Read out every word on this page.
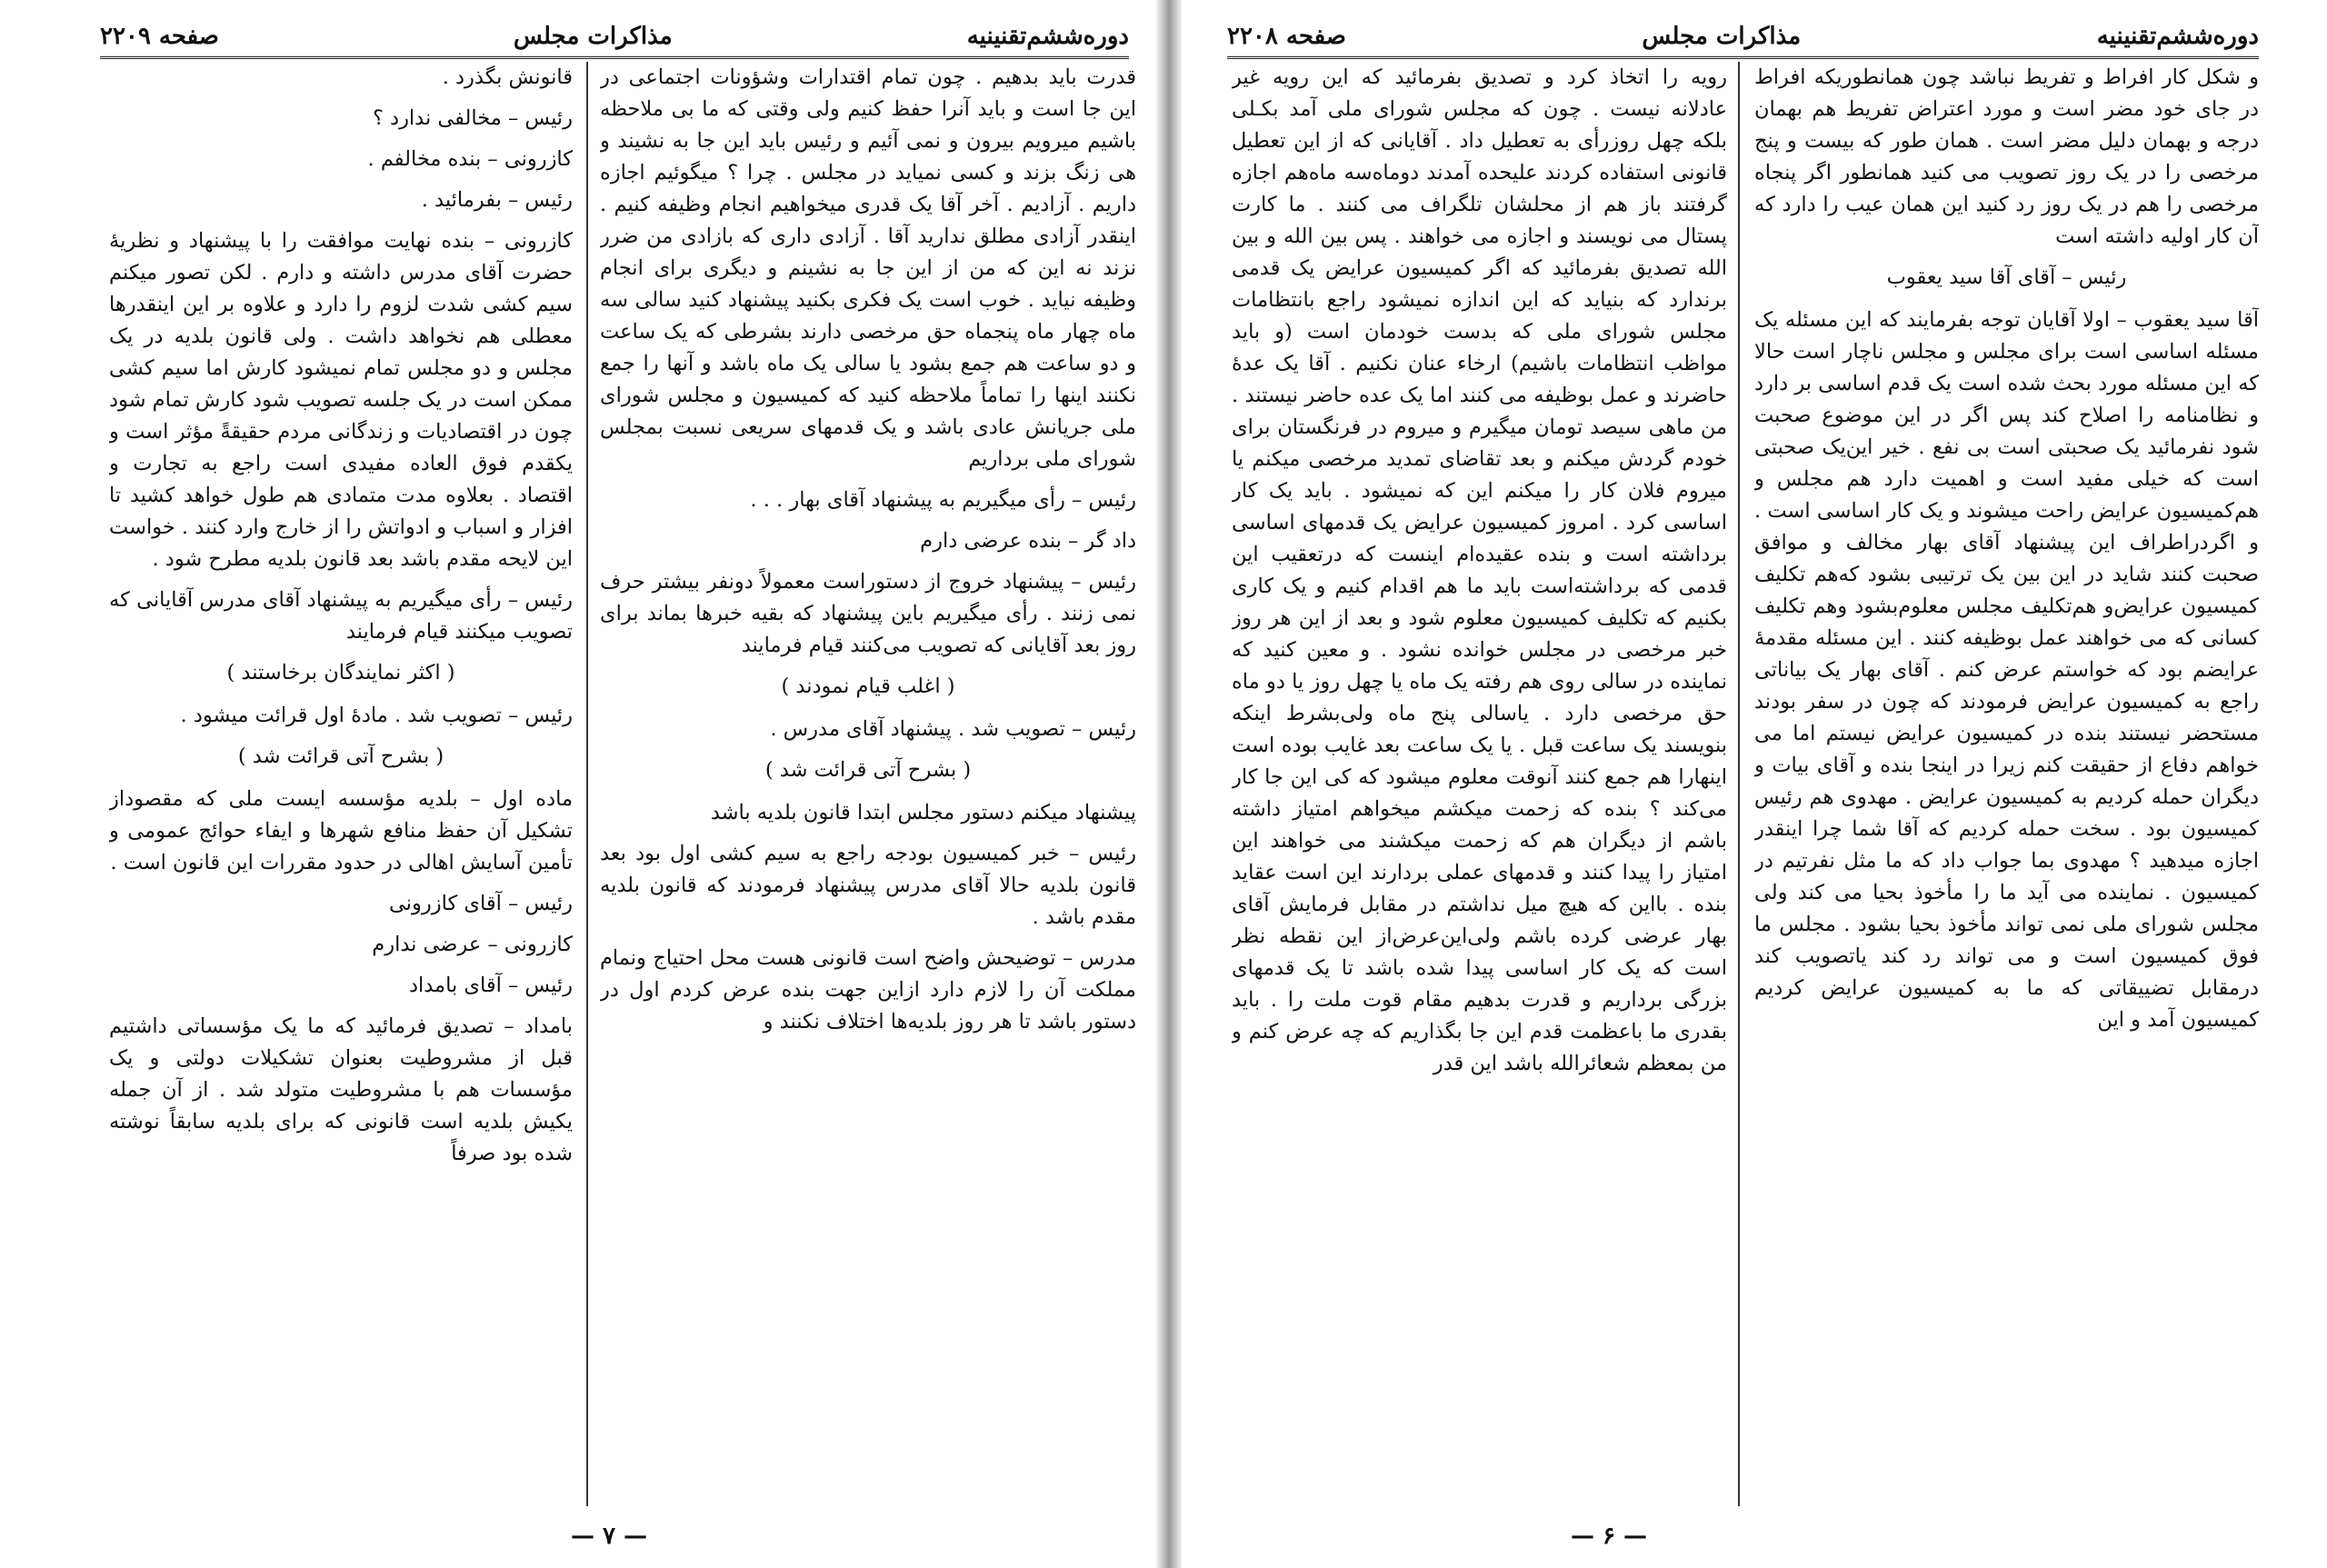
دوره‌ششم‌تقنینیه
مذاکرات مجلس
صفحه ۲۲۰۹

قدرت باید بدهیم . چون تمام اقتدارات وشؤونات اجتماعی در این جا است و باید آنرا حفظ کنیم ولی وقتی که ما بی ملاحظه باشیم میرویم بیرون و نمی آئیم و رئیس باید این جا به نشیند و هی زنگ بزند و کسی نمیاید در مجلس . چرا ؟ میگوئیم اجازه داریم . آزادیم . آخر آقا یک قدری میخواهیم انجام وظیفه کنیم . اینقدر آزادی مطلق ندارید آقا . آزادی داری که بازادی من ضرر نزند نه این که من از این جا به نشینم و دیگری برای انجام وظیفه نیاید . خوب است یک فکری بکنید پیشنهاد کنید سالی سه ماه چهار ماه پنجماه حق مرخصی دارند بشرطی که یک ساعت و دو ساعت هم جمع بشود یا سالی یک ماه باشد و آنها را جمع نکنند اینها را تماماً ملاحظه کنید که کمیسیون و مجلس شورای ملی جریانش عادی باشد و یک قدمهای سریعی نسبت بمجلس شورای ملی برداریم

رئیس – رأی میگیریم به پیشنهاد آقای بهار . . .

داد گر – بنده عرضی دارم

رئیس – پیشنهاد خروج از دستوراست معمولاً دونفر بیشتر حرف نمی زنند . رأی میگیریم باین پیشنهاد که بقیه خبرها بماند برای روز بعد آقایانی که تصویب می‌کنند قیام فرمایند

( اغلب قیام نمودند )

رئیس – تصویب شد . پیشنهاد آقای مدرس .

( بشرح آتی قرائت شد )

پیشنهاد میکنم دستور مجلس ابتدا قانون بلدیه باشد

رئیس – خبر کمیسیون بودجه راجع به سیم کشی اول بود بعد قانون بلدیه حالا آقای مدرس پیشنهاد فرمودند که قانون بلدیه مقدم باشد .

مدرس – توضیحش واضح است قانونی هست محل احتیاج ونمام مملکت آن را لازم دارد ازاین جهت بنده عرض کردم اول در دستور باشد تا هر روز بلدیه‌ها اختلاف نکنند و

قانونش بگذرد .

رئیس – مخالفی ندارد ؟

کازرونی – بنده مخالفم .

رئیس – بفرمائید .

کازرونی – بنده نهایت موافقت را با پیشنهاد و نظریهٔ حضرت آقای مدرس داشته و دارم . لکن تصور میکنم سیم کشی شدت لزوم را دارد و علاوه بر این اینقدرها معطلی هم نخواهد داشت . ولی قانون بلدیه در یک مجلس و دو مجلس تمام نمیشود کارش اما سیم کشی ممکن است در یک جلسه تصویب شود کارش تمام شود چون در اقتصادیات و زندگانی مردم حقیقةً مؤثر است و یکقدم فوق العاده مفیدی است راجع به تجارت و اقتصاد . بعلاوه مدت متمادی هم طول خواهد کشید تا افزار و اسباب و ادواتش را از خارج وارد کنند . خواست این لایحه مقدم باشد بعد قانون بلدیه مطرح شود .

رئیس – رأی میگیریم به پیشنهاد آقای مدرس آقایانی که تصویب میکنند قیام فرمایند

( اکثر نمایندگان برخاستند )

رئیس – تصویب شد . مادهٔ اول قرائت میشود .

( بشرح آتی قرائت شد )

ماده اول – بلدیه مؤسسه ایست ملی که مقصوداز تشکیل آن حفظ منافع شهرها و ایفاء حوائج عمومی و تأمین آسایش اهالی در حدود مقررات این قانون است .

رئیس – آقای کازرونی

کازرونی – عرضی ندارم

رئیس – آقای بامداد

بامداد – تصدیق فرمائید که ما یک مؤسساتی داشتیم قبل از مشروطیت بعنوان تشکیلات دولتی و یک مؤسسات هم با مشروطیت متولد شد . از آن جمله یکیش بلدیه است قانونی که برای بلدیه سابقاً نوشته شده بود صرفاً

— ۷ —
دوره‌ششم‌تقنینیه
مذاکرات مجلس
صفحه ۲۲۰۸

و شکل کار افراط و تفریط نباشد چون همانطوریکه افراط در جای خود مضر است و مورد اعتراض تفریط هم بهمان درجه و بهمان دلیل مضر است . همان طور که بیست و پنج مرخصی را در یک روز تصویب می کنید همانطور اگر پنجاه مرخصی را هم در یک روز رد کنید این همان عیب را دارد که آن کار اولیه داشته است

رئیس – آقای آقا سید یعقوب

آقا سید یعقوب – اولا آقایان توجه بفرمایند که این مسئله یک مسئله اساسی است برای مجلس و مجلس ناچار است حالا که این مسئله مورد بحث شده است یک قدم اساسی بر دارد و نظامنامه را اصلاح کند پس اگر در این موضوع صحبت شود نفرمائید یک صحبتی است بی نفع . خیر این‌یک صحبتی است که خیلی مفید است و اهمیت دارد هم مجلس و هم‌کمیسیون عرایض راحت میشوند و یک کار اساسی است . و اگردراطراف این پیشنهاد آقای بهار مخالف و موافق صحبت کنند شاید در این بین یک ترتیبی بشود که‌هم تکلیف کمیسیون عرایض‌و هم‌تکلیف مجلس معلوم‌بشود وهم تکلیف کسانی که می خواهند عمل بوظیفه کنند . این مسئله مقدمهٔ عرایضم بود که خواستم عرض کنم . آقای بهار یک بیاناتی راجع به کمیسیون عرایض فرمودند که چون در سفر بودند مستحضر نیستند بنده در کمیسیون عرایض نیستم اما می خواهم دفاع از حقیقت کنم زیرا در اینجا بنده و آقای بیات و دیگران حمله کردیم به کمیسیون عرایض . مهدوی هم رئیس کمیسیون بود . سخت حمله کردیم که آقا شما چرا اینقدر اجازه میدهید ؟ مهدوی بما جواب داد که ما مثل نفرتیم در کمیسیون . نماینده می آید ما را مأخوذ بحیا می کند ولی مجلس شورای ملی نمی تواند مأخوذ بحیا بشود . مجلس ما فوق کمیسیون است و می تواند رد کند یاتصویب کند درمقابل تضییقاتی که ما به کمیسیون عرایض کردیم کمیسیون آمد و این

رویه را اتخاذ کرد و تصدیق بفرمائید که این رویه غیر عادلانه نیست . چون که مجلس شورای ملی آمد بکـلی بلکه چهل روزرأی به تعطیل داد . آقایانی که از این تعطیل قانونی استفاده کردند علیحده آمدند دوماه‌سه ماه‌هم اجازه گرفتند باز هم از محلشان تلگراف می کنند . ما کارت پستال می نویسند و اجازه می خواهند . پس بین الله و بین الله تصدیق بفرمائید که اگر کمیسیون عرایض یک قدمی برندارد که بنیاید که این اندازه نمیشود راجع بانتظامات مجلس شورای ملی که بدست خودمان است (و باید مواظب انتظامات باشیم) ارخاء عنان نکنیم . آقا یک عدهٔ حاضرند و عمل بوظیفه می کنند اما یک عده حاضر نیستند . من ماهی سیصد تومان میگیرم و میروم در فرنگستان برای خودم گردش میکنم و بعد تقاضای تمدید مرخصی میکنم یا میروم فلان کار را میکنم این که نمیشود . باید یک کار اساسی کرد . امروز کمیسیون عرایض یک قدمهای اساسی برداشته است و بنده عقیده‌ام اینست که درتعقیب این قدمی که برداشته‌است باید ما هم اقدام کنیم و یک کاری بکنیم که تکلیف کمیسیون معلوم شود و بعد از این هر روز خبر مرخصی در مجلس خوانده نشود . و معین کنید که نماینده در سالی روی هم رفته یک ماه یا چهل روز یا دو ماه حق مرخصی دارد . یاسالی پنج ماه ولی‌بشرط اینکه بنویسند یک ساعت قبل . یا یک ساعت بعد غایب بوده است اینهارا هم جمع کنند آنوقت معلوم میشود که کی این جا کار می‌کند ؟ بنده که زحمت میکشم میخواهم امتیاز داشته باشم از دیگران هم که زحمت میکشند می خواهند این امتیاز را پیدا کنند و قدمهای عملی بردارند این است عقاید بنده . بااین که هیچ میل نداشتم در مقابل فرمایش آقای بهار عرضی کرده باشم ولی‌این‌عرض‌از این نقطه نظر است که یک کار اساسی پیدا شده باشد تا یک قدمهای بزرگی برداریم و قدرت بدهیم مقام قوت ملت را . باید بقدری ما باعظمت قدم این جا بگذاریم که چه عرض کنم و من بمعظم شعائرالله باشد این قدر

— ۶ —
